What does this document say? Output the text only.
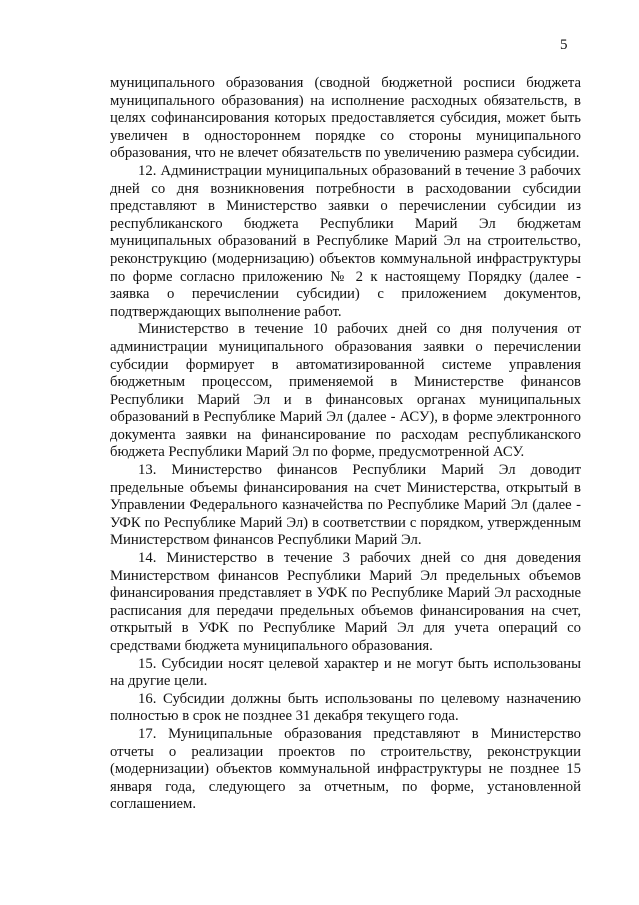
5

муниципального образования (сводной бюджетной росписи бюджета муниципального образования) на исполнение расходных обязательств, в целях софинансирования которых предоставляется субсидия, может быть увеличен в одностороннем порядке со стороны муниципального образования, что не влечет обязательств по увеличению размера субсидии.

12. Администрации муниципальных образований в течение 3 рабочих дней со дня возникновения потребности в расходовании субсидии представляют в Министерство заявки о перечислении субсидии из республиканского бюджета Республики Марий Эл бюджетам муниципальных образований в Республике Марий Эл на строительство, реконструкцию (модернизацию) объектов коммунальной инфраструктуры по форме согласно приложению № 2 к настоящему Порядку (далее - заявка о перечислении субсидии) с приложением документов, подтверждающих выполнение работ.

Министерство в течение 10 рабочих дней со дня получения от администрации муниципального образования заявки о перечислении субсидии формирует в автоматизированной системе управления бюджетным процессом, применяемой в Министерстве финансов Республики Марий Эл и в финансовых органах муниципальных образований в Республике Марий Эл (далее - АСУ), в форме электронного документа заявки на финансирование по расходам республиканского бюджета Республики Марий Эл по форме, предусмотренной АСУ.

13. Министерство финансов Республики Марий Эл доводит предельные объемы финансирования на счет Министерства, открытый в Управлении Федерального казначейства по Республике Марий Эл (далее - УФК по Республике Марий Эл) в соответствии с порядком, утвержденным Министерством финансов Республики Марий Эл.

14. Министерство в течение 3 рабочих дней со дня доведения Министерством финансов Республики Марий Эл предельных объемов финансирования представляет в УФК по Республике Марий Эл расходные расписания для передачи предельных объемов финансирования на счет, открытый в УФК по Республике Марий Эл для учета операций со средствами бюджета муниципального образования.

15. Субсидии носят целевой характер и не могут быть использованы на другие цели.

16. Субсидии должны быть использованы по целевому назначению полностью в срок не позднее 31 декабря текущего года.

17. Муниципальные образования представляют в Министерство отчеты о реализации проектов по строительству, реконструкции (модернизации) объектов коммунальной инфраструктуры не позднее 15 января года, следующего за отчетным, по форме, установленной соглашением.
